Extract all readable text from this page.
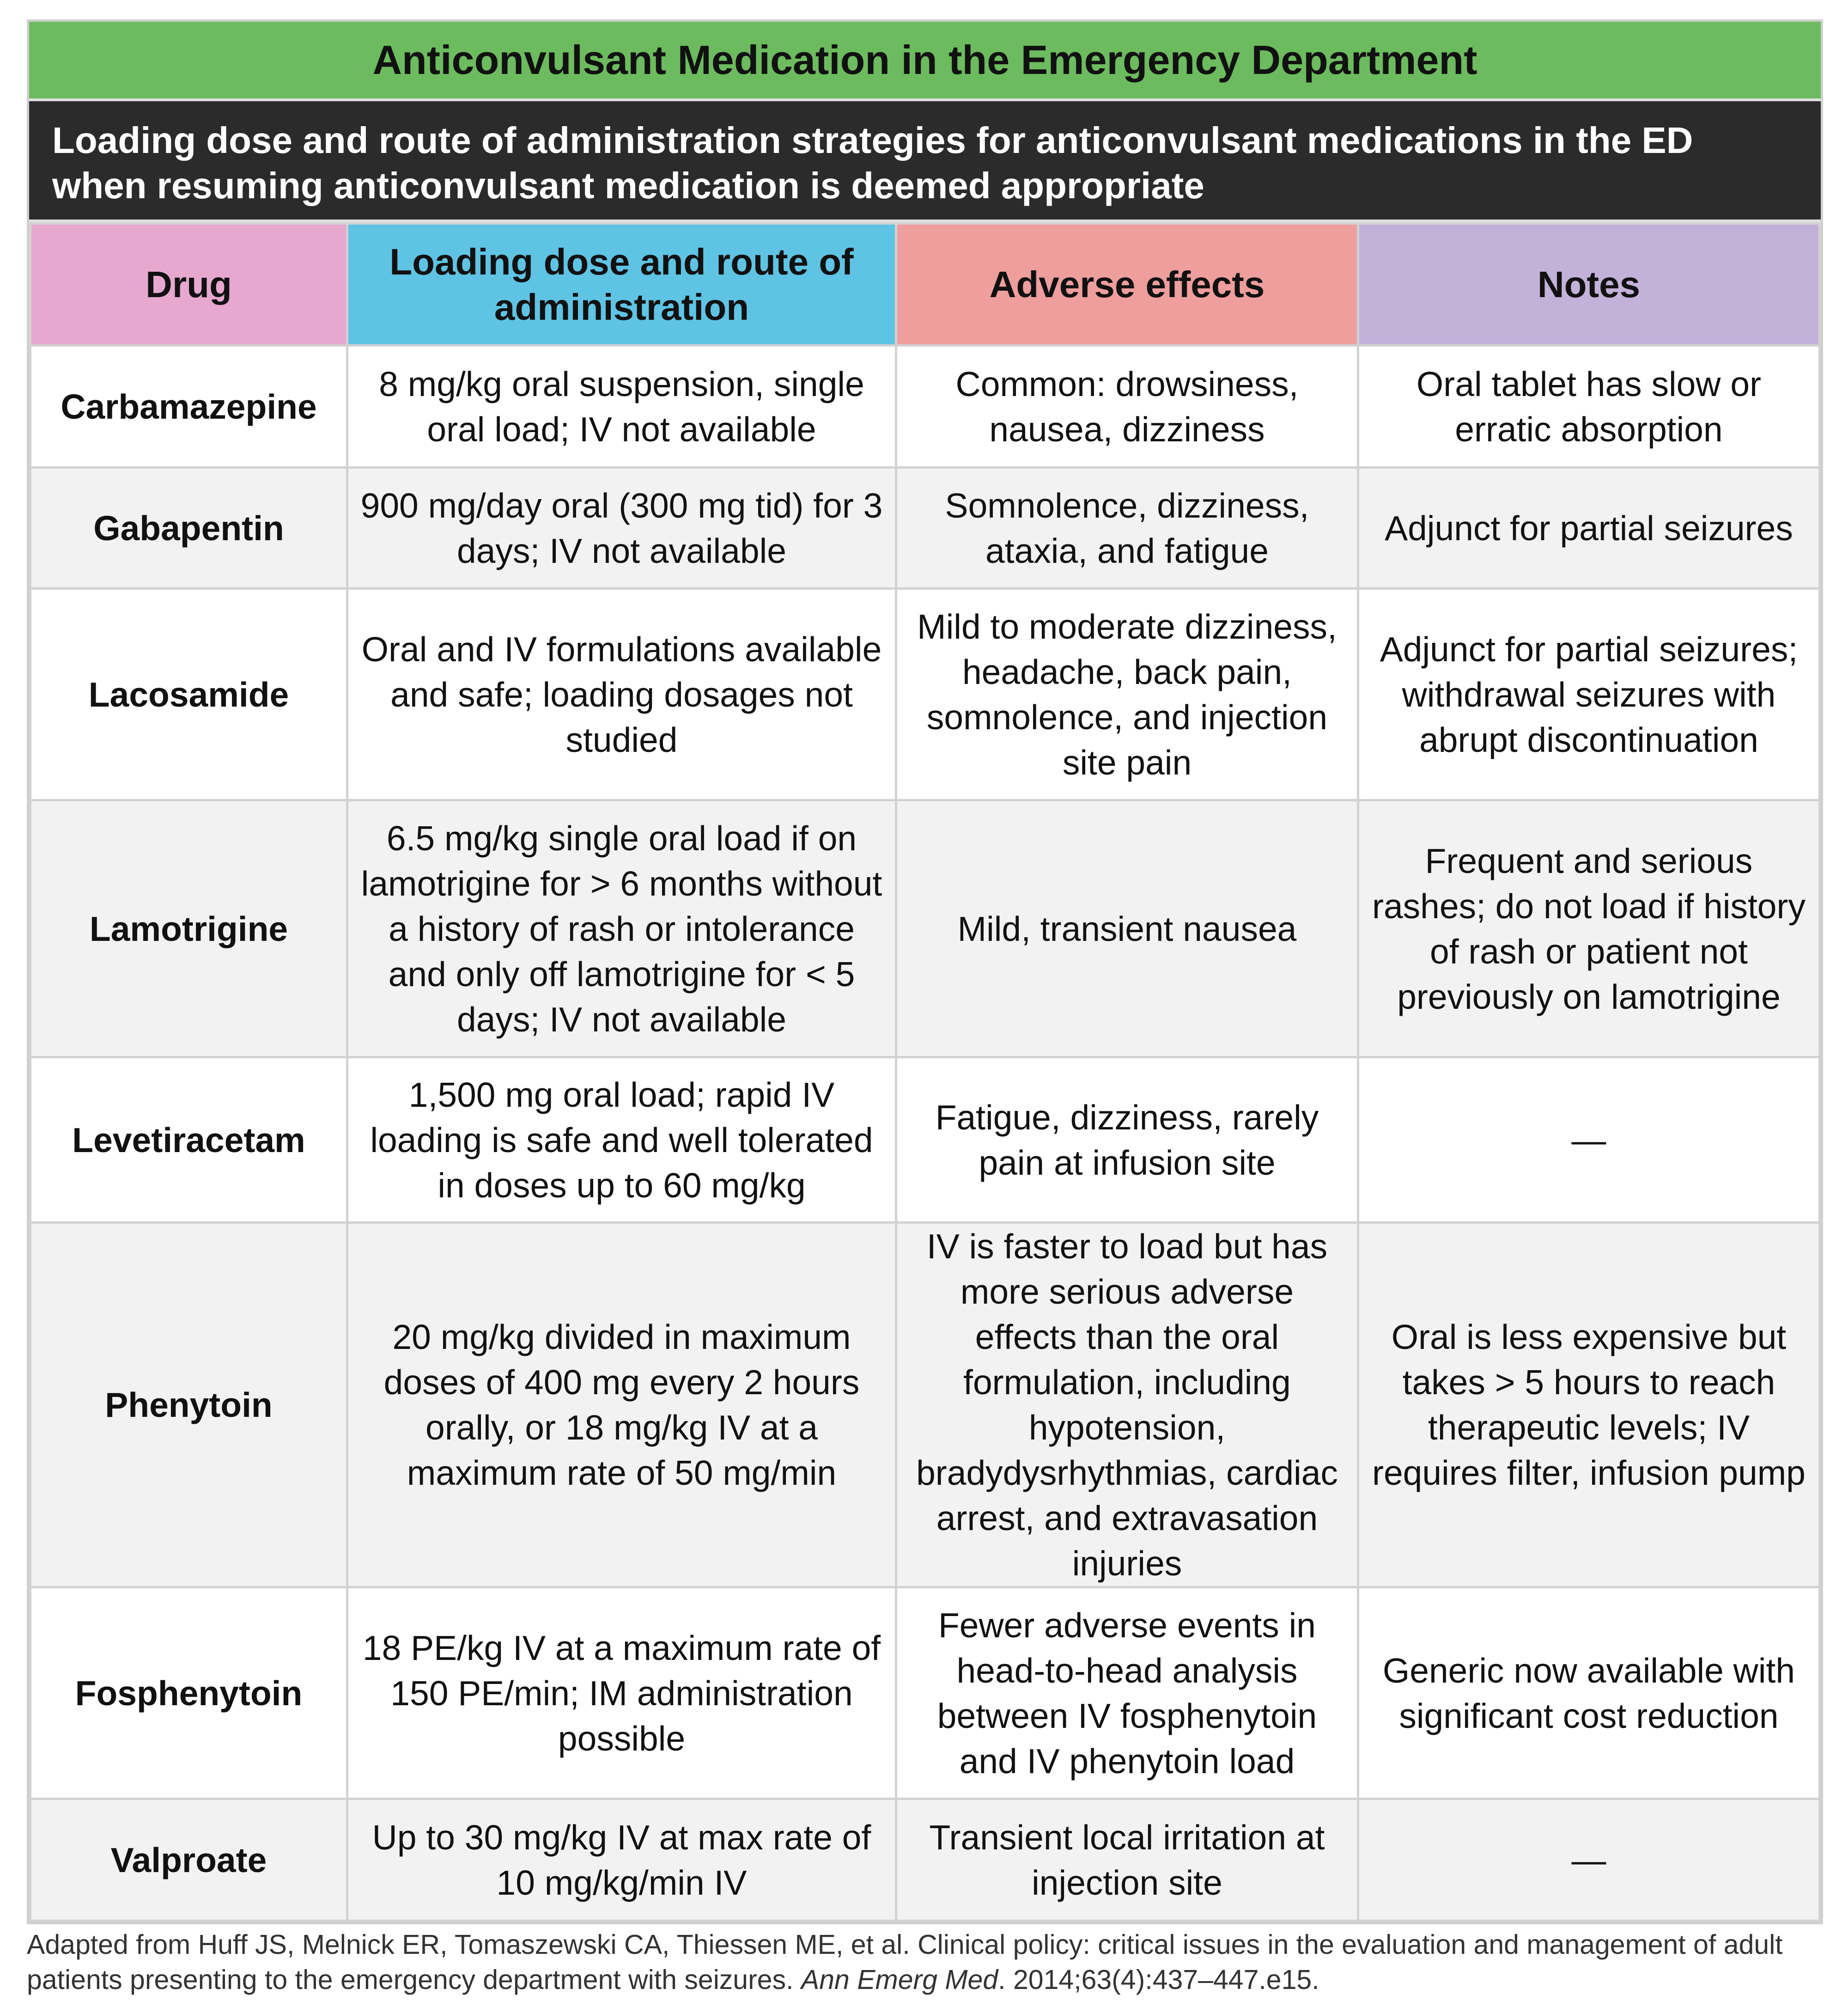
Anticonvulsant Medication in the Emergency Department
Loading dose and route of administration strategies for anticonvulsant medications in the ED when resuming anticonvulsant medication is deemed appropriate
Drug	Loading dose and route of administration	Adverse effects	Notes
Carbamazepine	8 mg/kg oral suspension, single oral load; IV not available	Common: drowsiness, nausea, dizziness	Oral tablet has slow or erratic absorption
Gabapentin	900 mg/day oral (300 mg tid) for 3 days; IV not available	Somnolence, dizziness, ataxia, and fatigue	Adjunct for partial seizures
Lacosamide	Oral and IV formulations available and safe; loading dosages not studied	Mild to moderate dizziness, headache, back pain, somnolence, and injection site pain	Adjunct for partial seizures; withdrawal seizures with abrupt discontinuation
Lamotrigine	6.5 mg/kg single oral load if on lamotrigine for > 6 months without a history of rash or intolerance and only off lamotrigine for < 5 days; IV not available	Mild, transient nausea	Frequent and serious rashes; do not load if history of rash or patient not previously on lamotrigine
Levetiracetam	1,500 mg oral load; rapid IV loading is safe and well tolerated in doses up to 60 mg/kg	Fatigue, dizziness, rarely pain at infusion site	—
Phenytoin	20 mg/kg divided in maximum doses of 400 mg every 2 hours orally, or 18 mg/kg IV at a maximum rate of 50 mg/min	IV is faster to load but has more serious adverse effects than the oral formulation, including hypotension, bradydysrhythmias, cardiac arrest, and extravasation injuries	Oral is less expensive but takes > 5 hours to reach therapeutic levels; IV requires filter, infusion pump
Fosphenytoin	18 PE/kg IV at a maximum rate of 150 PE/min; IM administration possible	Fewer adverse events in head-to-head analysis between IV fosphenytoin and IV phenytoin load	Generic now available with significant cost reduction
Valproate	Up to 30 mg/kg IV at max rate of 10 mg/kg/min IV	Transient local irritation at injection site	—
Adapted from Huff JS, Melnick ER, Tomaszewski CA, Thiessen ME, et al. Clinical policy: critical issues in the evaluation and management of adult patients presenting to the emergency department with seizures. Ann Emerg Med. 2014;63(4):437–447.e15.
